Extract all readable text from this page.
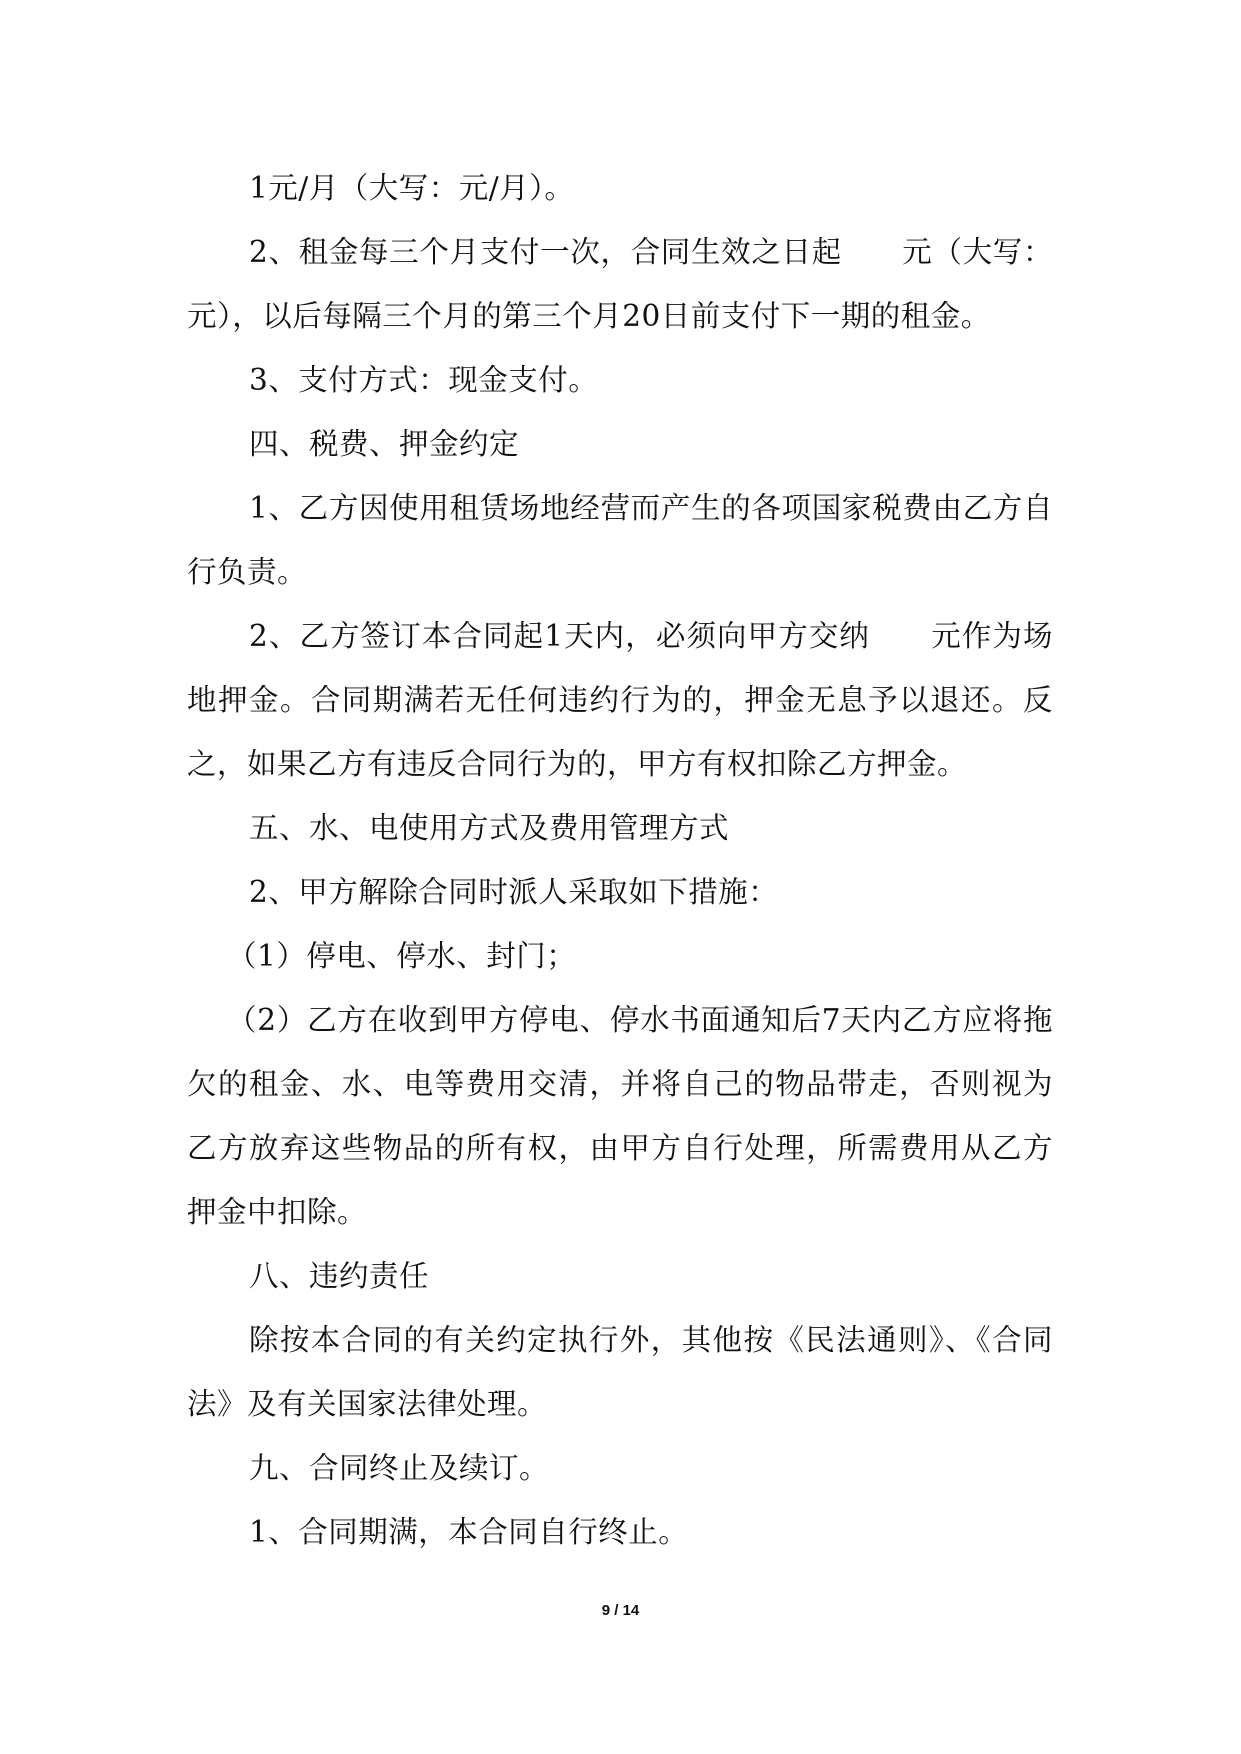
1元/月（大写：元/月）。

2、租金每三个月支付一次，合同生效之日起　　元（大写：元），以后每隔三个月的第三个月20日前支付下一期的租金。

3、支付方式：现金支付。

四、税费、押金约定

1、乙方因使用租赁场地经营而产生的各项国家税费由乙方自行负责。

2、乙方签订本合同起1天内，必须向甲方交纳　　元作为场地押金。合同期满若无任何违约行为的，押金无息予以退还。反之，如果乙方有违反合同行为的，甲方有权扣除乙方押金。

五、水、电使用方式及费用管理方式

2、甲方解除合同时派人采取如下措施：

（1）停电、停水、封门；

（2）乙方在收到甲方停电、停水书面通知后7天内乙方应将拖欠的租金、水、电等费用交清，并将自己的物品带走，否则视为乙方放弃这些物品的所有权，由甲方自行处理，所需费用从乙方押金中扣除。

八、违约责任

除按本合同的有关约定执行外，其他按《民法通则》、《合同法》及有关国家法律处理。

九、合同终止及续订。

1、合同期满，本合同自行终止。

9 / 14
